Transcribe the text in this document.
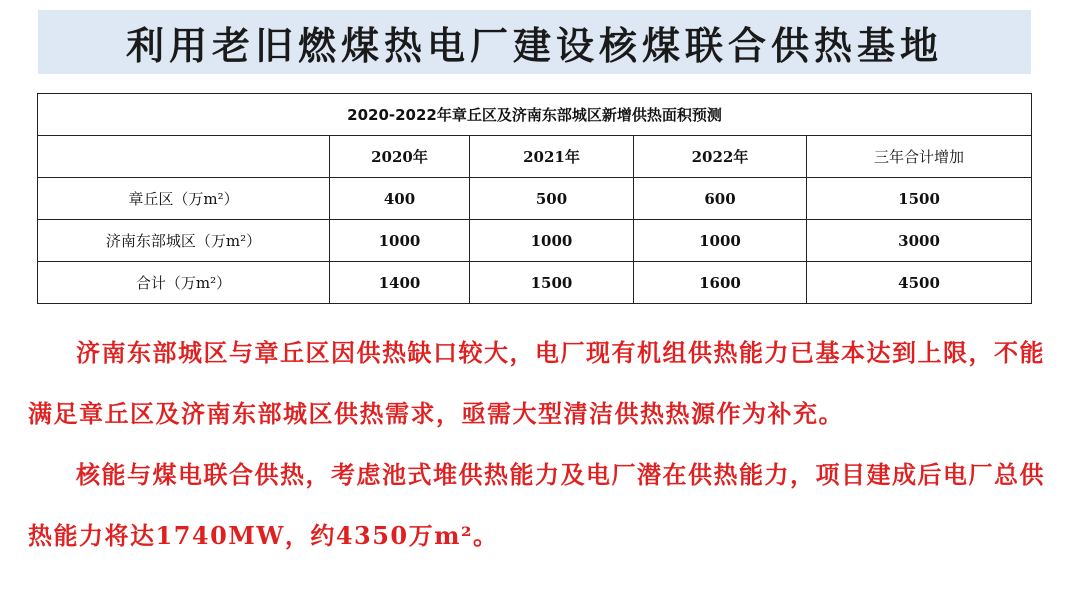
利用老旧燃煤热电厂建设核煤联合供热基地
2020-2022年章丘区及济南东部城区新增供热面积预测				
	2020年	2021年	2022年	三年合计增加
章丘区（万m²）	400	500	600	1500
济南东部城区（万m²）	1000	1000	1000	3000
合计（万m²）	1400	1500	1600	4500

济南东部城区与章丘区因供热缺口较大，电厂现有机组供热能力已基本达到上限，不能满足章丘区及济南东部城区供热需求，亟需大型清洁供热热源作为补充。

核能与煤电联合供热，考虑池式堆供热能力及电厂潜在供热能力，项目建成后电厂总供热能力将达1740MW，约4350万m²。
